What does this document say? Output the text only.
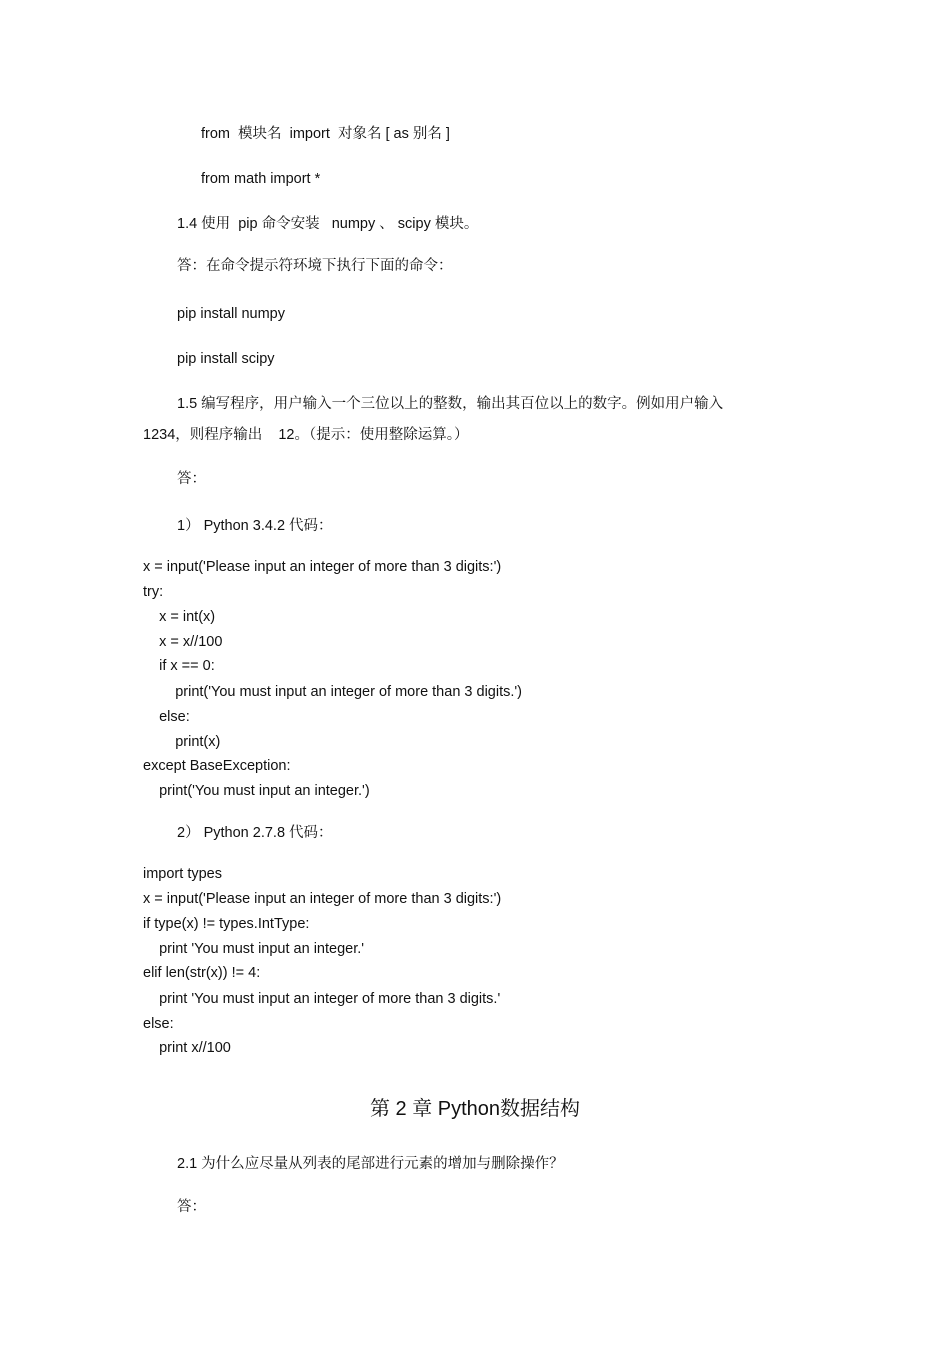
from  模块名  import  对象名 [ as 别名 ]
from math import *
1.4 使用  pip 命令安装   numpy 、 scipy 模块。
答：在命令提示符环境下执行下面的命令：
pip install numpy
pip install scipy
1.5 编写程序，用户输入一个三位以上的整数，输出其百位以上的数字。例如用户输入
1234，则程序输出    12。（提示：使用整除运算。）
答：
1） Python 3.4.2 代码：
x = input('Please input an integer of more than 3 digits:')
try:
x = int(x)
x = x//100
if x == 0:
print('You must input an integer of more than 3 digits.')
else:
print(x)
except BaseException:
print('You must input an integer.')
2） Python 2.7.8 代码：
import types
x = input('Please input an integer of more than 3 digits:')
if type(x) != types.IntType:
print 'You must input an integer.'
elif len(str(x)) != 4:
print 'You must input an integer of more than 3 digits.'
else:
print x//100
第 2 章 Python数据结构
2.1 为什么应尽量从列表的尾部进行元素的增加与删除操作？
答：
